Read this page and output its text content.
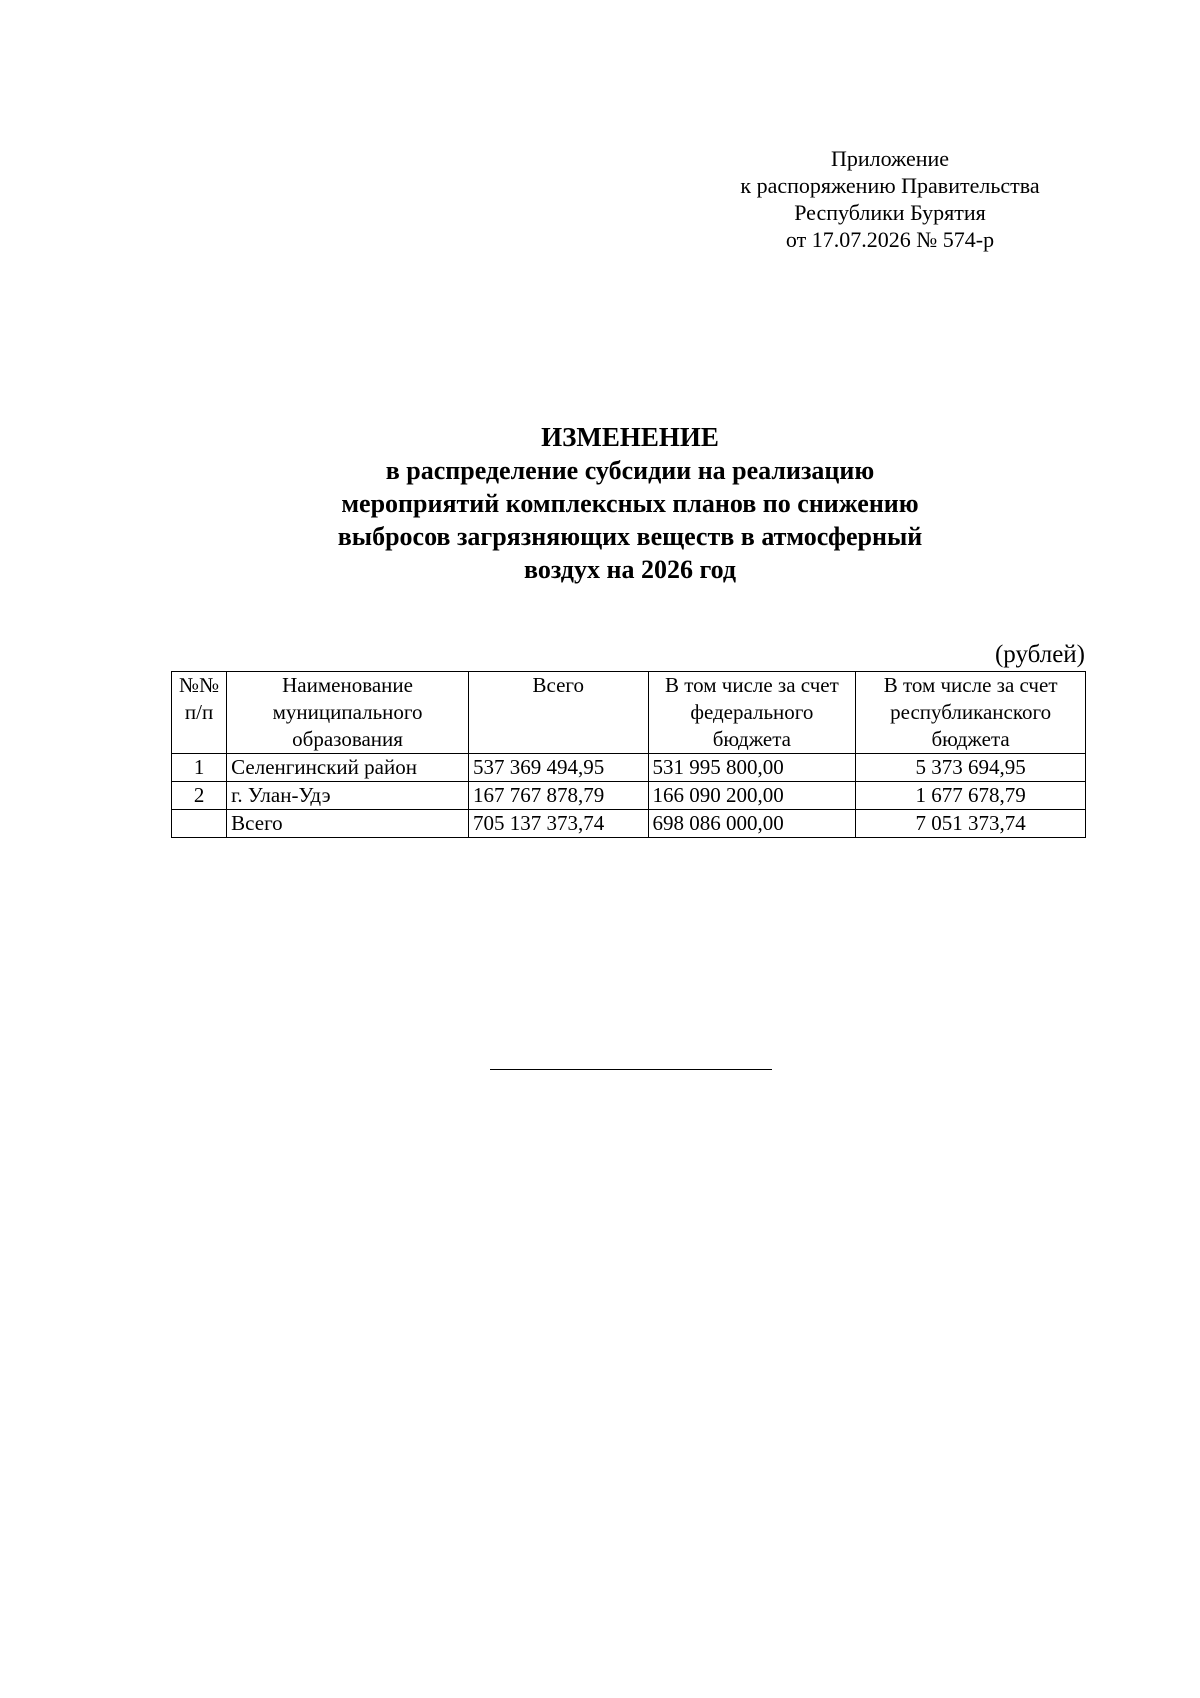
Приложение
к распоряжению Правительства
Республики Бурятия
от 17.07.2026 № 574-р
ИЗМЕНЕНИЕ
в распределение субсидии на реализацию
мероприятий комплексных планов по снижению
выбросов загрязняющих веществ в атмосферный
воздух на 2026 год
(рублей)
№№ п/п	Наименование муниципального образования	Всего	В том числе за счет федерального бюджета	В том числе за счет республиканского бюджета
1	Селенгинский район	537 369 494,95	531 995 800,00	5 373 694,95
2	г. Улан-Удэ	167 767 878,79	166 090 200,00	1 677 678,79
	Всего	705 137 373,74	698 086 000,00	7 051 373,74
